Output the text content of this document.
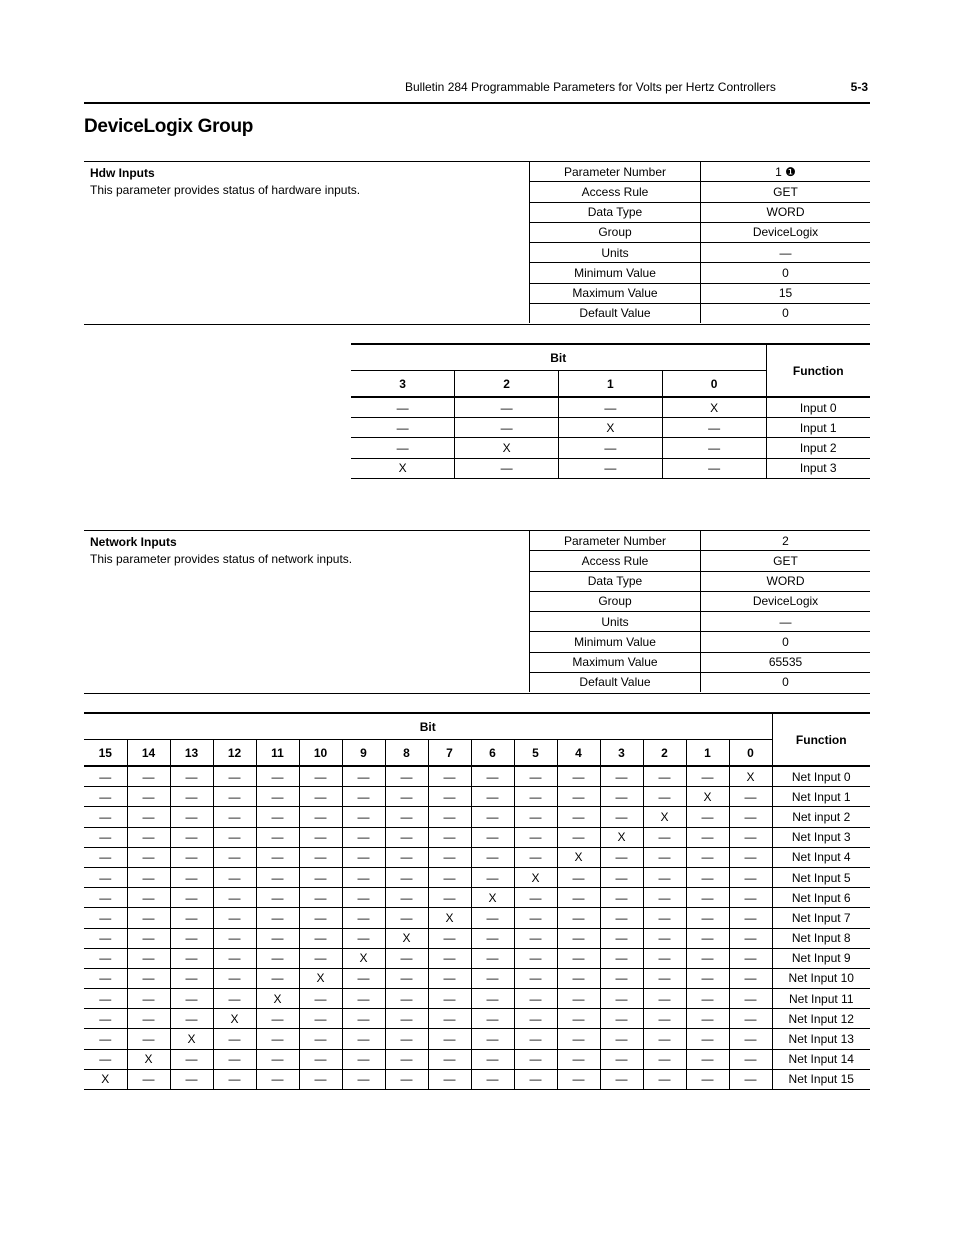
Bulletin 284 Programmable Parameters for Volts per Hertz Controllers	5-3
DeviceLogix Group
Hdw Inputs
This parameter provides status of hardware inputs.
Parameter Number	1 ❶
Access Rule	GET
Data Type	WORD
Group	DeviceLogix
Units	—
Minimum Value	0
Maximum Value	15
Default Value	0
Bit				Function
3	2	1	0	
—	—	—	X	Input 0
—	—	X	—	Input 1
—	X	—	—	Input 2
X	—	—	—	Input 3
Network Inputs
This parameter provides status of network inputs.
Parameter Number	2
Access Rule	GET
Data Type	WORD
Group	DeviceLogix
Units	—
Minimum Value	0
Maximum Value	65535
Default Value	0
Bit																Function
15	14	13	12	11	10	9	8	7	6	5	4	3	2	1	0	
—	—	—	—	—	—	—	—	—	—	—	—	—	—	—	X	Net Input 0
—	—	—	—	—	—	—	—	—	—	—	—	—	—	X	—	Net Input 1
—	—	—	—	—	—	—	—	—	—	—	—	—	X	—	—	Net input 2
—	—	—	—	—	—	—	—	—	—	—	—	X	—	—	—	Net Input 3
—	—	—	—	—	—	—	—	—	—	—	X	—	—	—	—	Net Input 4
—	—	—	—	—	—	—	—	—	—	X	—	—	—	—	—	Net Input 5
—	—	—	—	—	—	—	—	—	X	—	—	—	—	—	—	Net Input 6
—	—	—	—	—	—	—	—	X	—	—	—	—	—	—	—	Net Input 7
—	—	—	—	—	—	—	X	—	—	—	—	—	—	—	—	Net Input 8
—	—	—	—	—	—	X	—	—	—	—	—	—	—	—	—	Net Input 9
—	—	—	—	—	X	—	—	—	—	—	—	—	—	—	—	Net Input 10
—	—	—	—	X	—	—	—	—	—	—	—	—	—	—	—	Net Input 11
—	—	—	X	—	—	—	—	—	—	—	—	—	—	—	—	Net Input 12
—	—	X	—	—	—	—	—	—	—	—	—	—	—	—	—	Net Input 13
—	X	—	—	—	—	—	—	—	—	—	—	—	—	—	—	Net Input 14
X	—	—	—	—	—	—	—	—	—	—	—	—	—	—	—	Net Input 15
